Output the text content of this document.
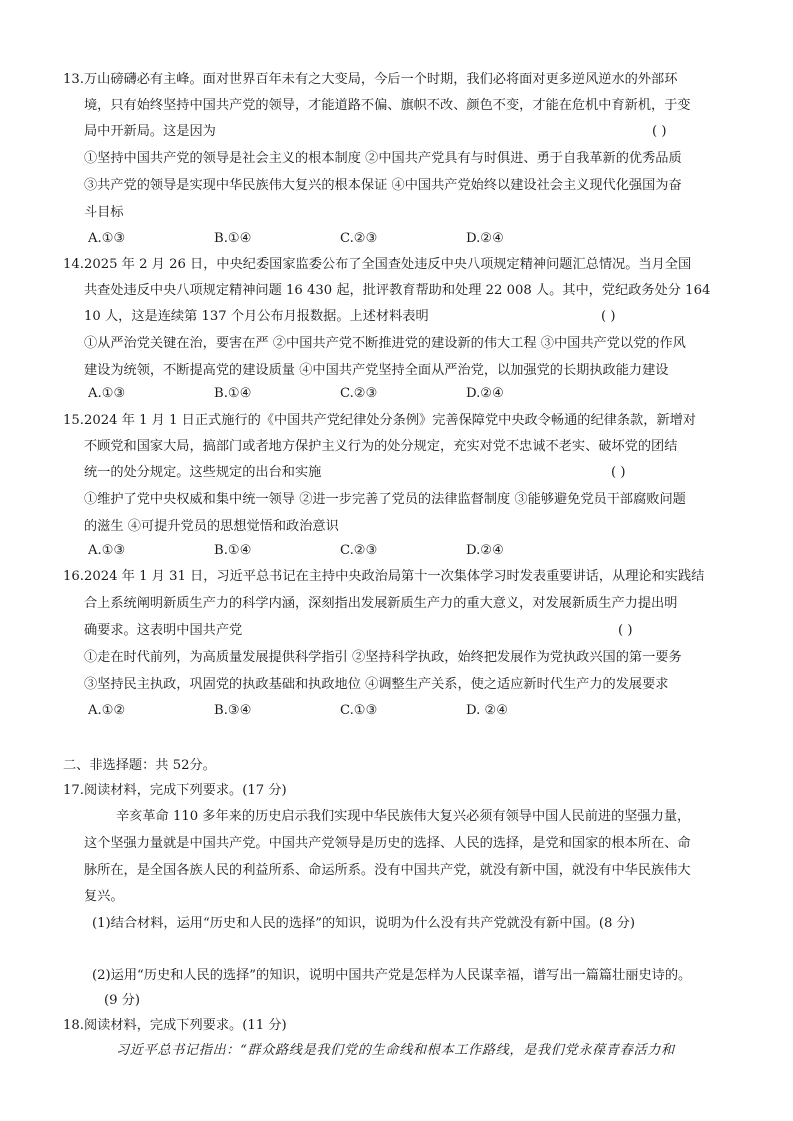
13.万山磅礴必有主峰。面对世界百年未有之大变局，今后一个时期，我们必将面对更多逆风逆水的外部环
境，只有始终坚持中国共产党的领导，才能道路不偏、旗帜不改、颜色不变，才能在危机中育新机，于变
局中开新局。这是因为	( )
①坚持中国共产党的领导是社会主义的根本制度 ②中国共产党具有与时俱进、勇于自我革新的优秀品质
③共产党的领导是实现中华民族伟大复兴的根本保证 ④中国共产党始终以建设社会主义现代化强国为奋
斗目标
A.①③	B.①④	C.②③	D.②④
14.2025 年 2 月 26 日，中央纪委国家监委公布了全国查处违反中央八项规定精神问题汇总情况。当月全国
共查处违反中央八项规定精神问题 16 430 起，批评教育帮助和处理 22 008 人。其中，党纪政务处分 164
10 人，这是连续第 137 个月公布月报数据。上述材料表明	( )
①从严治党关键在治，要害在严 ②中国共产党不断推进党的建设新的伟大工程 ③中国共产党以党的作风
建设为统领，不断提高党的建设质量 ④中国共产党坚持全面从严治党，以加强党的长期执政能力建设
A.①③	B.①④	C.②③	D.②④
15.2024 年 1 月 1 日正式施行的《中国共产党纪律处分条例》完善保障党中央政令畅通的纪律条款，新增对
不顾党和国家大局，搞部门或者地方保护主义行为的处分规定，充实对党不忠诚不老实、破坏党的团结
统一的处分规定。这些规定的出台和实施	( )
①维护了党中央权威和集中统一领导 ②进一步完善了党员的法律监督制度 ③能够避免党员干部腐败问题
的滋生 ④可提升党员的思想觉悟和政治意识
A.①③	B.①④	C.②③	D.②④
16.2024 年 1 月 31 日，习近平总书记在主持中央政治局第十一次集体学习时发表重要讲话，从理论和实践结
合上系统阐明新质生产力的科学内涵，深刻指出发展新质生产力的重大意义，对发展新质生产力提出明
确要求。这表明中国共产党	( )
①走在时代前列，为高质量发展提供科学指引 ②坚持科学执政，始终把发展作为党执政兴国的第一要务
③坚持民主执政，巩固党的执政基础和执政地位 ④调整生产关系，使之适应新时代生产力的发展要求
A.①②	B.③④	C.①③	D. ②④
二、非选择题：共 52分。
17.阅读材料，完成下列要求。(17 分)
辛亥革命 110 多年来的历史启示我们实现中华民族伟大复兴必须有领导中国人民前进的坚强力量，
这个坚强力量就是中国共产党。中国共产党领导是历史的选择、人民的选择，是党和国家的根本所在、命
脉所在，是全国各族人民的利益所系、命运所系。没有中国共产党，就没有新中国，就没有中华民族伟大
复兴。
(1)结合材料，运用“历史和人民的选择”的知识，说明为什么没有共产党就没有新中国。(8 分)
(2)运用“历史和人民的选择”的知识，说明中国共产党是怎样为人民谋幸福，谱写出一篇篇壮丽史诗的。
(9 分)
18.阅读材料，完成下列要求。(11 分)
习近平总书记指出：“群众路线是我们党的生命线和根本工作路线，是我们党永葆青春活力和
